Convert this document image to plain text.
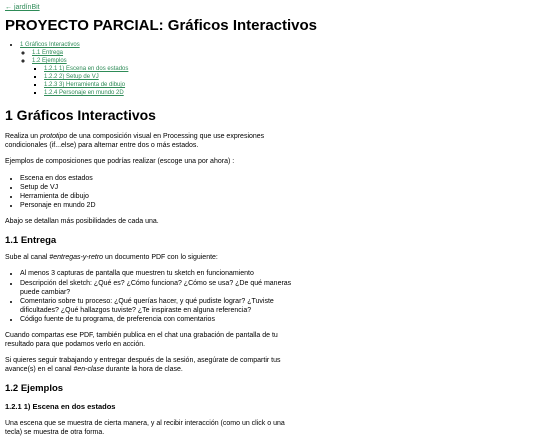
← jardínBit
PROYECTO PARCIAL: Gráficos Interactivos
• 1 Gráficos Interactivos
◦ 1.1 Entrega
◦ 1.2 Ejemplos
▪ 1.2.1 1) Escena en dos estados
▪ 1.2.2 2) Setup de VJ
▪ 1.2.3 3) Herramienta de dibujo
▪ 1.2.4 Personaje en mundo 2D
1 Gráficos Interactivos

Realiza un prototipo de una composición visual en Processing que use expresiones condicionales (if...else) para alternar entre dos o más estados.

Ejemplos de composiciones que podrías realizar (escoge una por ahora) :

• Escena en dos estados
• Setup de VJ
• Herramienta de dibujo
• Personaje en mundo 2D

Abajo se detallan más posibilidades de cada una.

1.1 Entrega

Sube al canal #entregas-y-retro un documento PDF con lo siguiente:

• Al menos 3 capturas de pantalla que muestren tu sketch en funcionamiento
• Descripción del sketch: ¿Qué es? ¿Cómo funciona? ¿Cómo se usa? ¿De qué maneras puede cambiar?
• Comentario sobre tu proceso: ¿Qué querías hacer, y qué pudiste lograr? ¿Tuviste dificultades? ¿Qué hallazgos tuviste? ¿Te inspiraste en alguna referencia?
• Código fuente de tu programa, de preferencia con comentarios

Cuando compartas ese PDF, también publica en el chat una grabación de pantalla de tu resultado para que podamos verlo en acción.

Si quieres seguir trabajando y entregar después de la sesión, asegúrate de compartir tus avance(s) en el canal #en-clase durante la hora de clase.

1.2 Ejemplos
1.2.1 1) Escena en dos estados

Una escena que se muestra de cierta manera, y al recibir interacción (como un click o una tecla) se muestra de otra forma.
